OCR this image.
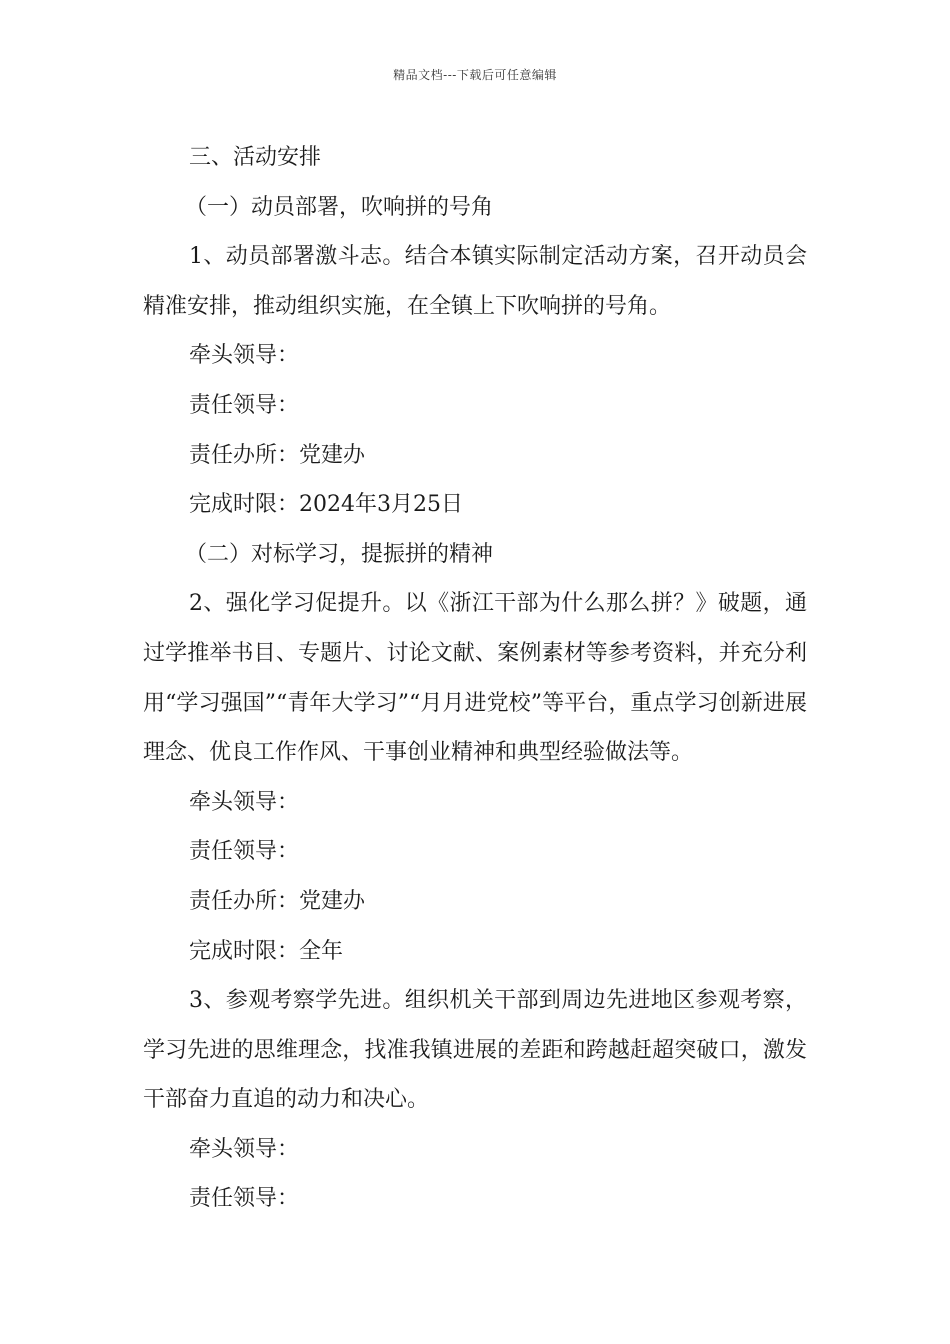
精品文档---下载后可任意编辑

三、活动安排

（一）动员部署，吹响拼的号角

1、动员部署激斗志。结合本镇实际制定活动方案，召开动员会精准安排，推动组织实施，在全镇上下吹响拼的号角。

牵头领导：

责任领导：

责任办所：党建办

完成时限：2024年3月25日

（二）对标学习，提振拼的精神

2、强化学习促提升。以《浙江干部为什么那么拼？》破题，通过学推举书目、专题片、讨论文献、案例素材等参考资料，并充分利用“学习强国”“青年大学习”“月月进党校”等平台，重点学习创新进展理念、优良工作作风、干事创业精神和典型经验做法等。

牵头领导：

责任领导：

责任办所：党建办

完成时限：全年

3、参观考察学先进。组织机关干部到周边先进地区参观考察，学习先进的思维理念，找准我镇进展的差距和跨越赶超突破口，激发干部奋力直追的动力和决心。

牵头领导：

责任领导：
